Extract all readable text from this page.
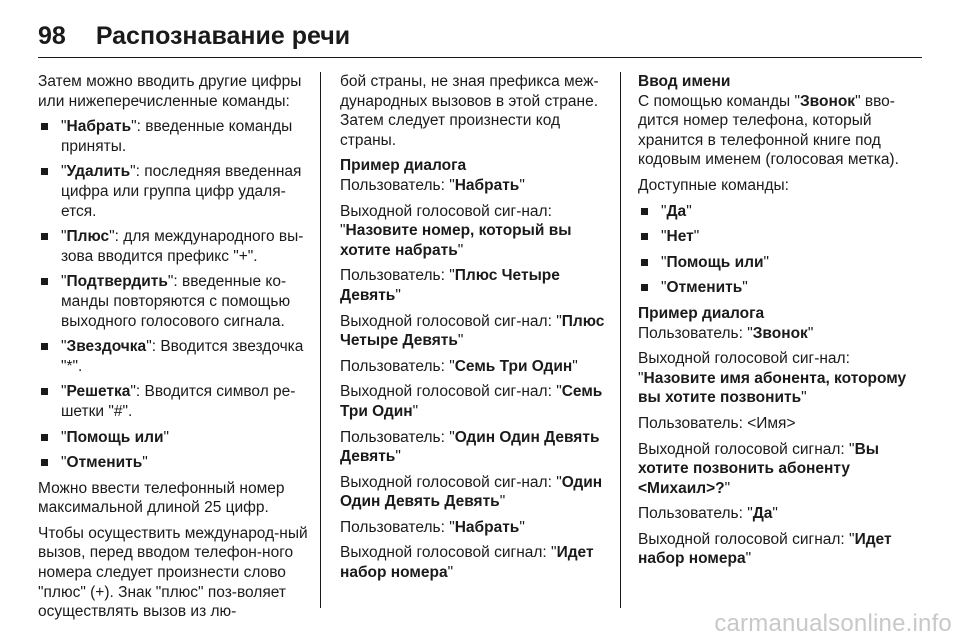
98 Распознавание речи

Затем можно вводить другие цифры или нижеперечисленные команды:

"Набрать": введенные команды приняты.
"Удалить": последняя введенная цифра или группа цифр удаля-ется.
"Плюс": для международного вы-зова вводится префикс "+".
"Подтвердить": введенные ко-манды повторяются с помощью выходного голосового сигнала.
"Звездочка": Вводится звездочка "*".
"Решетка": Вводится символ ре-шетки "#".
"Помощь или"
"Отменить"

Можно ввести телефонный номер максимальной длиной 25 цифр.

Чтобы осуществить международ-ный вызов, перед вводом телефон-ного номера следует произнести слово "плюс" (+). Знак "плюс" поз-воляет осуществлять вызов из лю-

бой страны, не зная префикса меж-дународных вызовов в этой стране. Затем следует произнести код страны.

Пример диалога

Пользователь: "Набрать"

Выходной голосовой сиг-нал: "Назовите номер, который вы хотите набрать"

Пользователь: "Плюс Четыре Девять"

Выходной голосовой сиг-нал: "Плюс Четыре Девять"

Пользователь: "Семь Три Один"

Выходной голосовой сиг-нал: "Семь Три Один"

Пользователь: "Один Один Девять Девять"

Выходной голосовой сиг-нал: "Один Один Девять Девять"

Пользователь: "Набрать"

Выходной голосовой сигнал: "Идет набор номера"

Ввод имени

С помощью команды "Звонок" вво-дится номер телефона, который хранится в телефонной книге под кодовым именем (голосовая метка).

Доступные команды:

"Да"
"Нет"
"Помощь или"
"Отменить"

Пример диалога

Пользователь: "Звонок"

Выходной голосовой сиг-нал: "Назовите имя абонента, которому вы хотите позвонить"

Пользователь: <Имя>

Выходной голосовой сигнал: "Вы хотите позвонить абоненту <Михаил>?"

Пользователь: "Да"

Выходной голосовой сигнал: "Идет набор номера"

carmanualsonline.info
